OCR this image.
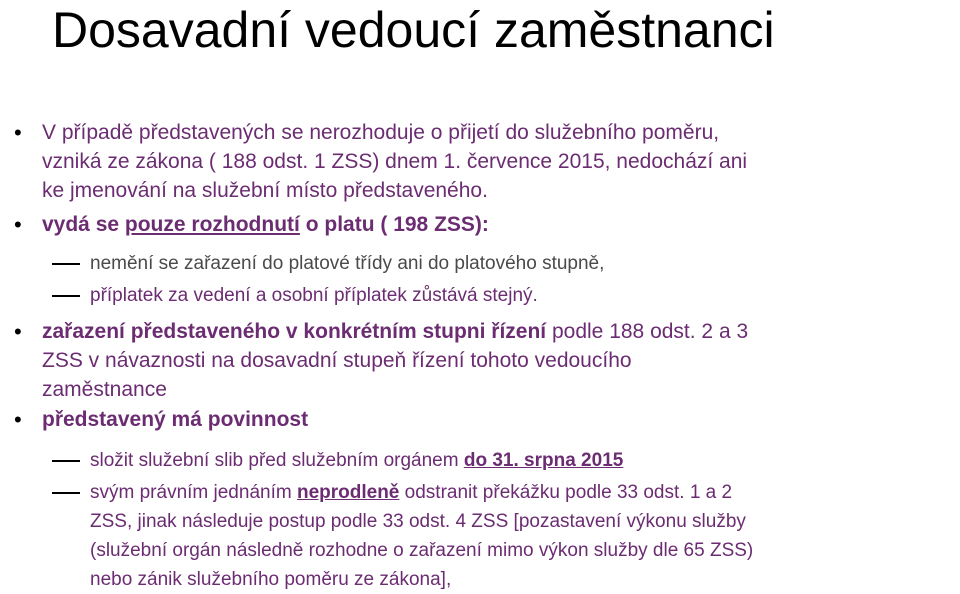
Dosavadní vedoucí zaměstnanci
• V případě představených se nerozhoduje o přijetí do služebního poměru,
vzniká ze zákona ( 188 odst. 1 ZSS) dnem 1. července 2015, nedochází ani
ke jmenování na služební místo představeného.
• vydá se pouze rozhodnutí o platu ( 198 ZSS):
nemění se zařazení do platové třídy ani do platového stupně,
příplatek za vedení a osobní příplatek zůstává stejný.
• zařazení představeného v konkrétním stupni řízení podle 188 odst. 2 a 3
ZSS v návaznosti na dosavadní stupeň řízení tohoto vedoucího
zaměstnance
• představený má povinnost
složit služební slib před služebním orgánem do 31. srpna 2015
svým právním jednáním neprodleně odstranit překážku podle 33 odst. 1 a 2
ZSS, jinak následuje postup podle 33 odst. 4 ZSS [pozastavení výkonu služby
(služební orgán následně rozhodne o zařazení mimo výkon služby dle 65 ZSS)
nebo zánik služebního poměru ze zákona],
